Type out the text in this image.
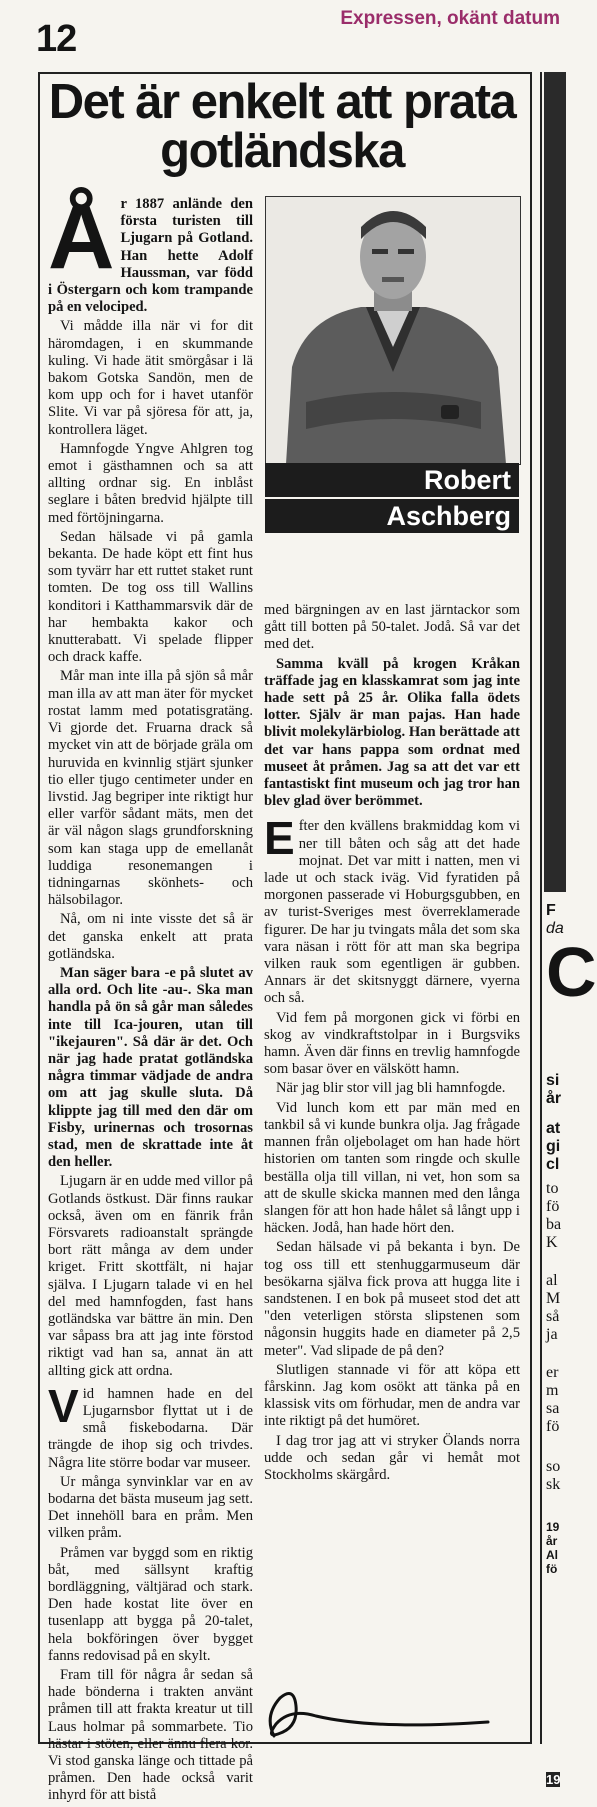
12	Expressen, okänt datum
F
da
C
si
år
at
gi
cl
to
fö
ba
K
al
M
så
ja
er
m
sa
fö
so
sk
19
år
Al
fö
19
Det är enkelt att prata gotländska
Robert
Aschberg

År 1887 anlände den första turisten till Ljugarn på Gotland. Han hette Adolf Haussman, var född i Östergarn och kom trampande på en velociped.

Vi mådde illa när vi for dit häromdagen, i en skummande kuling. Vi hade ätit smörgåsar i lä bakom Gotska Sandön, men de kom upp och for i havet utanför Slite. Vi var på sjöresa för att, ja, kontrollera läget.

Hamnfogde Yngve Ahlgren tog emot i gästhamnen och sa att allting ordnar sig. En inblåst seglare i båten bredvid hjälpte till med förtöjningarna.

Sedan hälsade vi på gamla bekanta. De hade köpt ett fint hus som tyvärr har ett ruttet staket runt tomten. De tog oss till Wallins konditori i Katthammarsvik där de har hembakta kakor och knutterabatt. Vi spelade flipper och drack kaffe.

Mår man inte illa på sjön så mår man illa av att man äter för mycket rostat lamm med potatisgratäng. Vi gjorde det. Fruarna drack så mycket vin att de började gräla om huruvida en kvinnlig stjärt sjunker tio eller tjugo centimeter under en livstid. Jag begriper inte riktigt hur eller varför sådant mäts, men det är väl någon slags grundforskning som kan staga upp de emellanåt luddiga resonemangen i tidningarnas skönhets- och hälsobilagor.

Nå, om ni inte visste det så är det ganska enkelt att prata gotländska.

Man säger bara -e på slutet av alla ord. Och lite -au-. Ska man handla på ön så går man således inte till Ica-jouren, utan till "ikejauren". Så där är det. Och när jag hade pratat gotländska några timmar vädjade de andra om att jag skulle sluta. Då klippte jag till med den där om Fisby, urinernas och trosornas stad, men de skrattade inte åt den heller.

Ljugarn är en udde med villor på Gotlands östkust. Där finns raukar också, även om en fänrik från Försvarets radioanstalt sprängde bort rätt många av dem under kriget. Fritt skottfält, ni hajar själva. I Ljugarn talade vi en hel del med hamnfogden, fast hans gotländska var bättre än min. Den var såpass bra att jag inte förstod riktigt vad han sa, annat än att allting gick att ordna.

Vid hamnen hade en del Ljugarnsbor flyttat ut i de små fiskebodarna. Där trängde de ihop sig och trivdes. Några lite större bodar var museer.

Ur många synvinklar var en av bodarna det bästa museum jag sett. Det innehöll bara en pråm. Men vilken pråm.

Pråmen var byggd som en riktig båt, med sällsynt kraftig bordläggning, vältjärad och stark. Den hade kostat lite över en tusenlapp att bygga på 20-talet, hela bokföringen över bygget fanns redovisad på en skylt.

Fram till för några år sedan så hade bönderna i trakten använt pråmen till att frakta kreatur ut till Laus holmar på sommarbete. Tio hästar i stöten, eller ännu flera kor. Vi stod ganska länge och tittade på pråmen. Den hade också varit inhyrd för att bistå

med bärgningen av en last järntackor som gått till botten på 50-talet. Jodå. Så var det med det.

Samma kväll på krogen Kråkan träffade jag en klasskamrat som jag inte hade sett på 25 år. Olika falla ödets lotter. Själv är man pajas. Han hade blivit molekylärbiolog. Han berättade att det var hans pappa som ordnat med museet åt pråmen. Jag sa att det var ett fantastiskt fint museum och jag tror han blev glad över berömmet.

Efter den kvällens brakmiddag kom vi ner till båten och såg att det hade mojnat. Det var mitt i natten, men vi lade ut och stack iväg. Vid fyratiden på morgonen passerade vi Hoburgsgubben, en av turist-Sveriges mest överreklamerade figurer. De har ju tvingats måla det som ska vara näsan i rött för att man ska begripa vilken rauk som egentligen är gubben. Annars är det skitsnyggt därnere, vyerna och så.

Vid fem på morgonen gick vi förbi en skog av vindkraftstolpar in i Burgsviks hamn. Även där finns en trevlig hamnfogde som basar över en välskött hamn.

När jag blir stor vill jag bli hamnfogde.

Vid lunch kom ett par män med en tankbil så vi kunde bunkra olja. Jag frågade mannen från oljebolaget om han hade hört historien om tanten som ringde och skulle beställa olja till villan, ni vet, hon som sa att de skulle skicka mannen med den långa slangen för att hon hade hålet så långt upp i häcken. Jodå, han hade hört den.

Sedan hälsade vi på bekanta i byn. De tog oss till ett stenhuggarmuseum där besökarna själva fick prova att hugga lite i sandstenen. I en bok på museet stod det att "den veterligen största slipstenen som någonsin huggits hade en diameter på 2,5 meter". Vad slipade de på den?

Slutligen stannade vi för att köpa ett fårskinn. Jag kom osökt att tänka på en klassisk vits om förhudar, men de andra var inte riktigt på det humöret.

I dag tror jag att vi stryker Ölands norra udde och sedan går vi hemåt mot Stockholms skärgård.
